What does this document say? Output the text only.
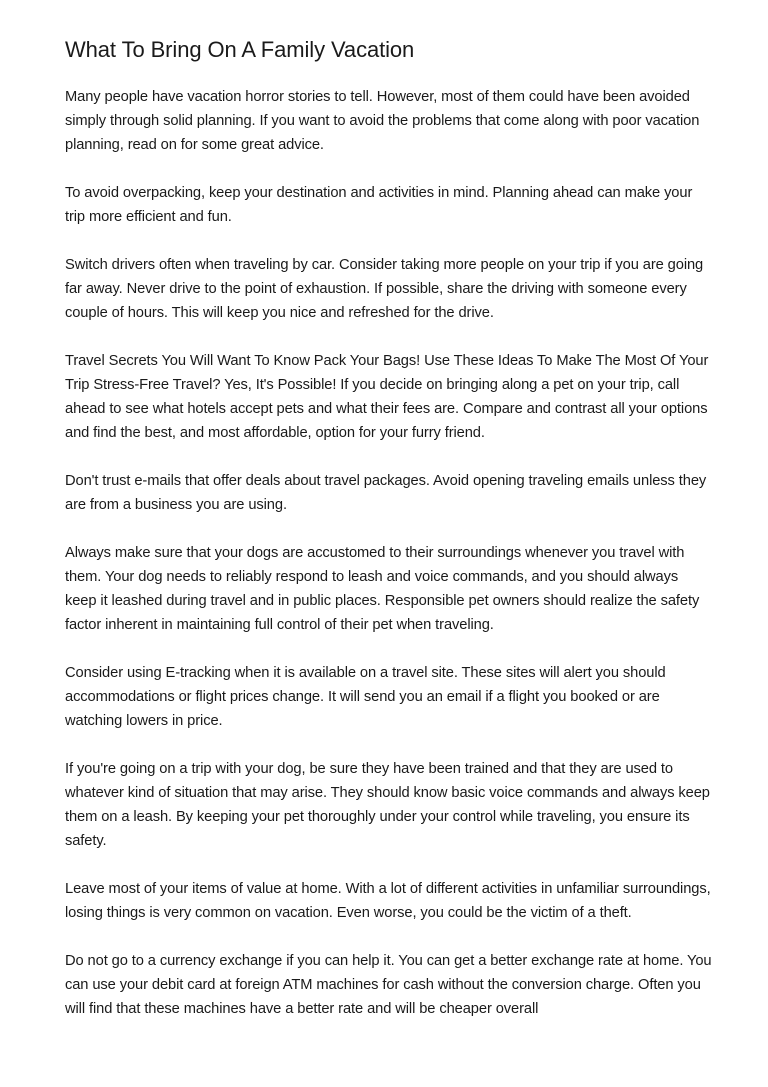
What To Bring On A Family Vacation

Many people have vacation horror stories to tell. However, most of them could have been avoided simply through solid planning. If you want to avoid the problems that come along with poor vacation planning, read on for some great advice.

To avoid overpacking, keep your destination and activities in mind. Planning ahead can make your trip more efficient and fun.

Switch drivers often when traveling by car. Consider taking more people on your trip if you are going far away. Never drive to the point of exhaustion. If possible, share the driving with someone every couple of hours. This will keep you nice and refreshed for the drive.

Travel Secrets You Will Want To Know Pack Your Bags! Use These Ideas To Make The Most Of Your Trip Stress-Free Travel? Yes, It's Possible! If you decide on bringing along a pet on your trip, call ahead to see what hotels accept pets and what their fees are. Compare and contrast all your options and find the best, and most affordable, option for your furry friend.

Don't trust e-mails that offer deals about travel packages. Avoid opening traveling emails unless they are from a business you are using.

Always make sure that your dogs are accustomed to their surroundings whenever you travel with them. Your dog needs to reliably respond to leash and voice commands, and you should always keep it leashed during travel and in public places. Responsible pet owners should realize the safety factor inherent in maintaining full control of their pet when traveling.

Consider using E-tracking when it is available on a travel site. These sites will alert you should accommodations or flight prices change. It will send you an email if a flight you booked or are watching lowers in price.

If you're going on a trip with your dog, be sure they have been trained and that they are used to whatever kind of situation that may arise. They should know basic voice commands and always keep them on a leash. By keeping your pet thoroughly under your control while traveling, you ensure its safety.

Leave most of your items of value at home. With a lot of different activities in unfamiliar surroundings, losing things is very common on vacation. Even worse, you could be the victim of a theft.

Do not go to a currency exchange if you can help it. You can get a better exchange rate at home. You can use your debit card at foreign ATM machines for cash without the conversion charge. Often you will find that these machines have a better rate and will be cheaper overall
